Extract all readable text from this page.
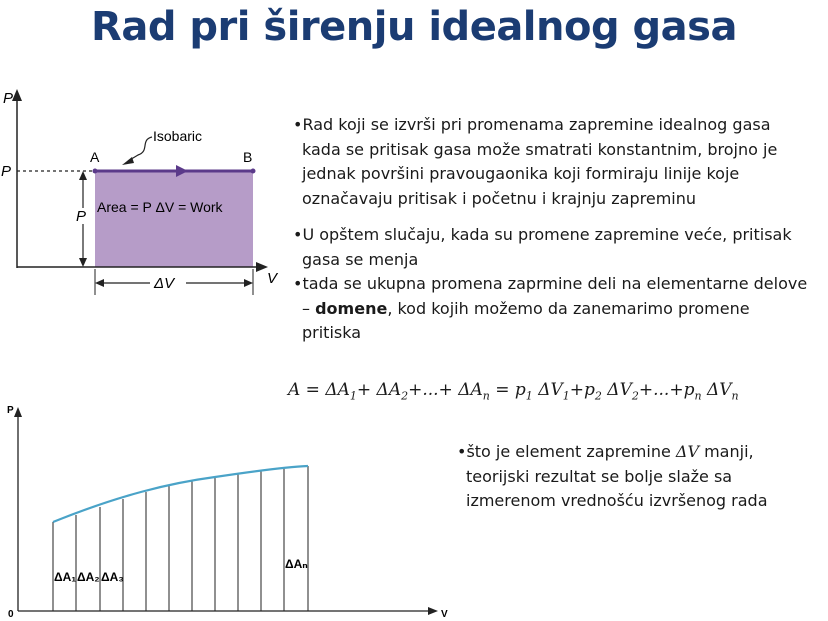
Rad pri širenju idealnog gasa
P
V
P
A	B
Isobaric
Area = P ΔV = Work
P
ΔV

•Rad koji se izvrši pri promenama zapremine idealnog gasa kada se pritisak gasa može smatrati konstantnim, brojno je jednak površini pravougaonika koji formiraju linije koje označavaju pritisak i početnu i krajnju zapreminu

•U opštem slučaju, kada su promene zapremine veće, pritisak gasa se menja

•tada se ukupna promena zaprmine deli na elementarne delove – domene, kod kojih možemo da zanemarimo promene pritiska

$A = \Delta A_1+ \Delta A_2+...+ \Delta A_n = p_1$ $\Delta V_1+p_2$ $\Delta V_2+...+p_n$ $\Delta V_n$

•što je element zapremine ΔV manji, teorijski rezultat se bolje slaže sa izmerenom vrednošću izvršenog rada

P
V
0
ΔA₁ ΔA₂ ΔA₃
ΔAₙ
